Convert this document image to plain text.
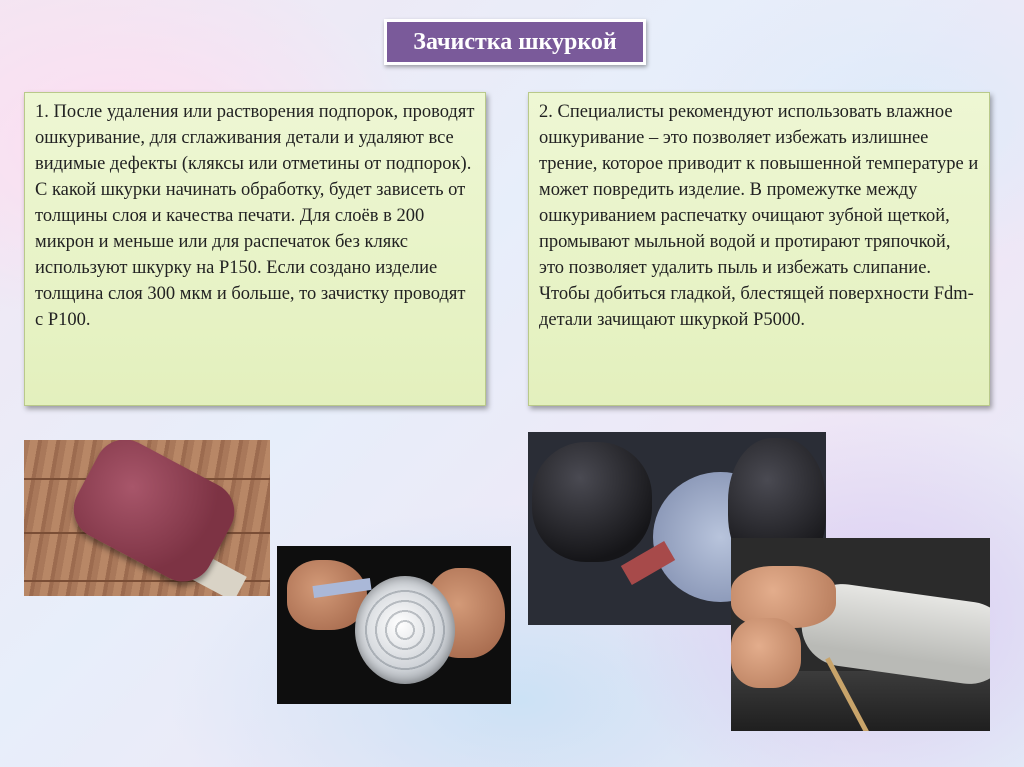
Зачистка шкуркой
1. После удаления или растворения подпорок, проводят ошкуривание, для сглаживания детали и удаляют все видимые дефекты (кляксы или отметины от подпорок). С какой шкурки начинать обработку, будет зависеть от толщины слоя и качества печати. Для слоёв в 200 микрон и меньше или для распечаток без клякс используют шкурку на Р150. Если создано изделие толщина слоя 300 мкм и больше, то зачистку проводят с Р100.
2. Специалисты рекомендуют использовать влажное ошкуривание – это позволяет избежать излишнее трение, которое приводит к повышенной температуре и может повредить изделие. В промежутке между ошкуриванием распечатку очищают зубной щеткой, промывают мыльной водой и протирают тряпочкой, это позволяет удалить пыль и избежать слипание. Чтобы добиться гладкой, блестящей поверхности Fdm-детали зачищают шкуркой Р5000.
